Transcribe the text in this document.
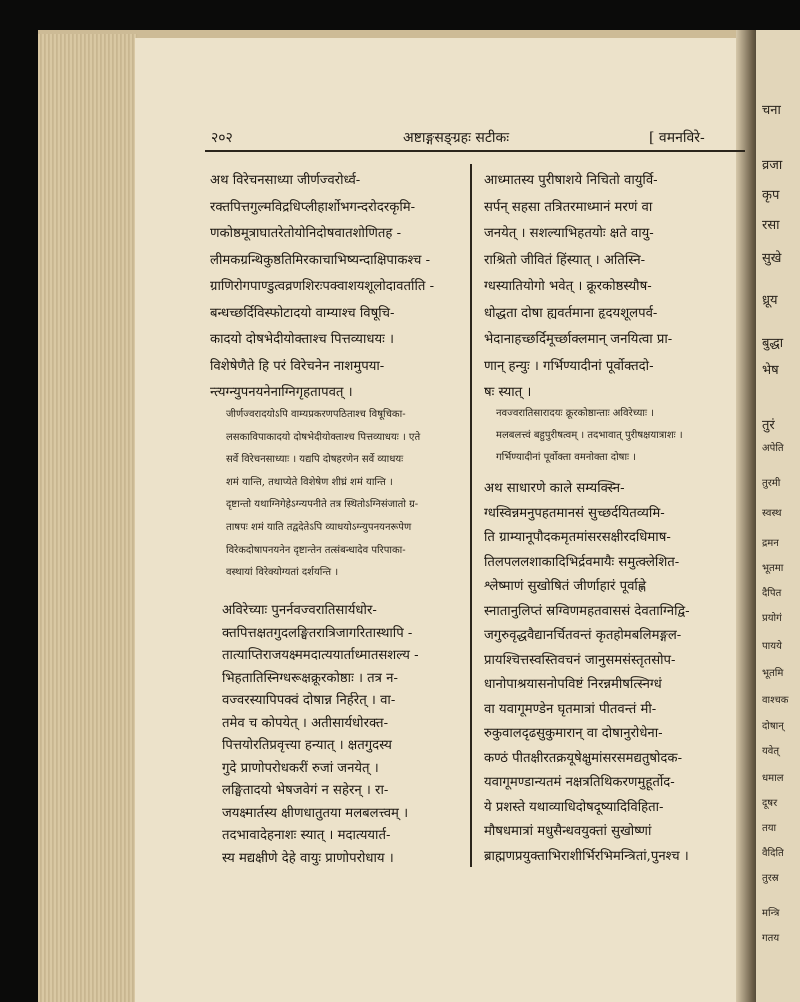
चना
व्रजा
कृप
रसा
सुखे
ध्रूय
बुद्धा
भेष
तुरं
अपेति
तुरमी
स्वस्थ
द्रमन
भूतमा
दैपित
प्रयोगं
पायये
भूतमि
वाश्चक
दोषान्
यवेत्
धमाल
दूषर
तया
वैदिति
तुरस्र
मन्त्रि
गतय
२०२	अष्टाङ्गसङ्ग्रहः सटीकः	[ वमनविरे-
अथ विरेचनसाध्या जीर्णज्वरोर्ध्व-
रक्तपित्तगुल्मविद्रधिप्लीहार्शोभगन्दरोदरकृमि-
णकोष्ठमूत्राघातरेतोयोनिदोषवातशोणितह -
लीमकग्रन्थिकुष्ठतिमिरकाचाभिष्यन्दाक्षिपाकश्च -
ग्राणिरोगपाण्डुत्वव्रणशिरःपक्वाशयशूलोदावर्ताति -
बन्धच्छर्दिविस्फोटादयो वाम्याश्च विषूचि-
कादयो दोषभेदीयोक्ताश्च पित्तव्याधयः ।
विशेषेणैते हि परं विरेचनेन नाशमुपया-
न्त्यग्न्युपनयनेनाग्निगृहतापवत् ।
जीर्णज्वरादयोऽपि वाम्यप्रकरणपठिताश्च विषूचिका-
लसकाविपाकादयो दोषभेदीयोक्ताश्च पित्तव्याधयः । एते
सर्वे विरेचनसाध्याः । यद्यपि दोषहरणेन सर्वे व्याधयः
शमं यान्ति, तथाप्येते विशेषेण शीघ्रं शमं यान्ति ।
दृष्टान्तो यथाग्निगेहेऽग्न्यपनीते तत्र स्थितोऽग्निसंजातो ग्र-
ताषपः शमं याति तद्वदेतेऽपि व्याधयोऽग्न्युपनयनरूपेण
विरेकदोषापनयनेन दृष्टान्तेन तत्संबन्धादेव परिपाका-
वस्थायां विरेक्योग्यतां दर्शयन्ति ।
अविरेच्याः पुनर्नवज्वरातिसार्यधोर-
क्तपित्तक्षतगुदलङ्घितरात्रिजागरितास्थापि -
तात्याप्तिराजयक्ष्ममदात्ययार्ताध्मातसशल्य -
भिहतातिस्निग्धरूक्षक्रूरकोष्ठाः । तत्र न-
वज्वरस्यापिपक्वं दोषान्न निर्हरेत् । वा-
तमेव च कोपयेत् । अतीसार्यधोरक्त-
पित्तयोरतिप्रवृत्त्या हन्यात् । क्षतगुदस्य
गुदे प्राणोपरोधकरीं रुजां जनयेत् ।
लङ्घितादयो भेषजवेगं न सहेरन् । रा-
जयक्ष्मार्तस्य क्षीणधातुतया मलबलत्त्वम् ।
तदभावादेहनाशः स्यात् । मदात्ययार्त-
स्य मद्यक्षीणे देहे वायुः प्राणोपरोधाय ।
आध्मातस्य पुरीषाशये निचितो वायुर्वि-
सर्पन् सहसा तत्रितरमाध्मानं मरणं वा
जनयेत् । सशल्याभिहतयोः क्षते वायु-
राश्रितो जीवितं हिंस्यात् । अतिस्नि-
ग्धस्यातियोगो भवेत् । क्रूरकोष्ठस्यौष-
धोद्धता दोषा ह्यवर्तमाना हृदयशूलपर्व-
भेदानाहच्छर्दिमूर्च्छाक्लमान् जनयित्वा प्रा-
णान् हन्युः । गर्भिण्यादीनां पूर्वोक्तदो-
षः स्यात् ।
नवज्वरातिसारादयः क्रूरकोष्ठान्ताः अविरेच्याः ।
मलबलत्त्वं बहुपुरीषत्वम् । तदभावात् पुरीषक्षयात्राशः ।
गर्भिण्यादीनां पूर्वोक्ता वमनोक्ता दोषाः ।
अथ साधारणे काले सम्यक्स्नि-
ग्धस्विन्नमनुपहतमानसं सुच्छर्दयितव्यमि-
ति ग्राम्यानूपौदकमृतमांसरसक्षीरदधिमाष-
तिलपललशाकादिभिर्द्रवमायैः समुत्क्लेशित-
श्लेष्माणं सुखोषितं जीर्णाहारं पूर्वाह्णे
स्नातानुलिप्तं स्रग्विणमहतवाससं देवताग्निद्वि-
जगुरुवृद्धवैद्यानर्चितवन्तं कृतहोमबलिमङ्गल-
प्रायश्चित्तस्वस्तिवचनं जानुसमसंस्तृतसोप-
धानोपाश्रयासनोपविष्टं निरन्नमीषत्स्निग्धं
वा यवागूमण्डेन घृतमात्रां पीतवन्तं मी-
रुकुवालदृढसुकुमारान् वा दोषानुरोधेना-
कण्ठं पीतक्षीरतक्रयूषेक्षुमांसरसमद्यतुषोदक-
यवागूमण्डान्यतमं नक्षत्रतिथिकरणमुहूर्तोद-
ये प्रशस्ते यथाव्याधिदोषदूष्यादिविहिता-
मौषधमात्रां मधुसैन्धवयुक्तां सुखोष्णां
ब्राह्मणप्रयुक्ताभिराशीर्भिरभिमन्त्रितां,पुनश्च ।
